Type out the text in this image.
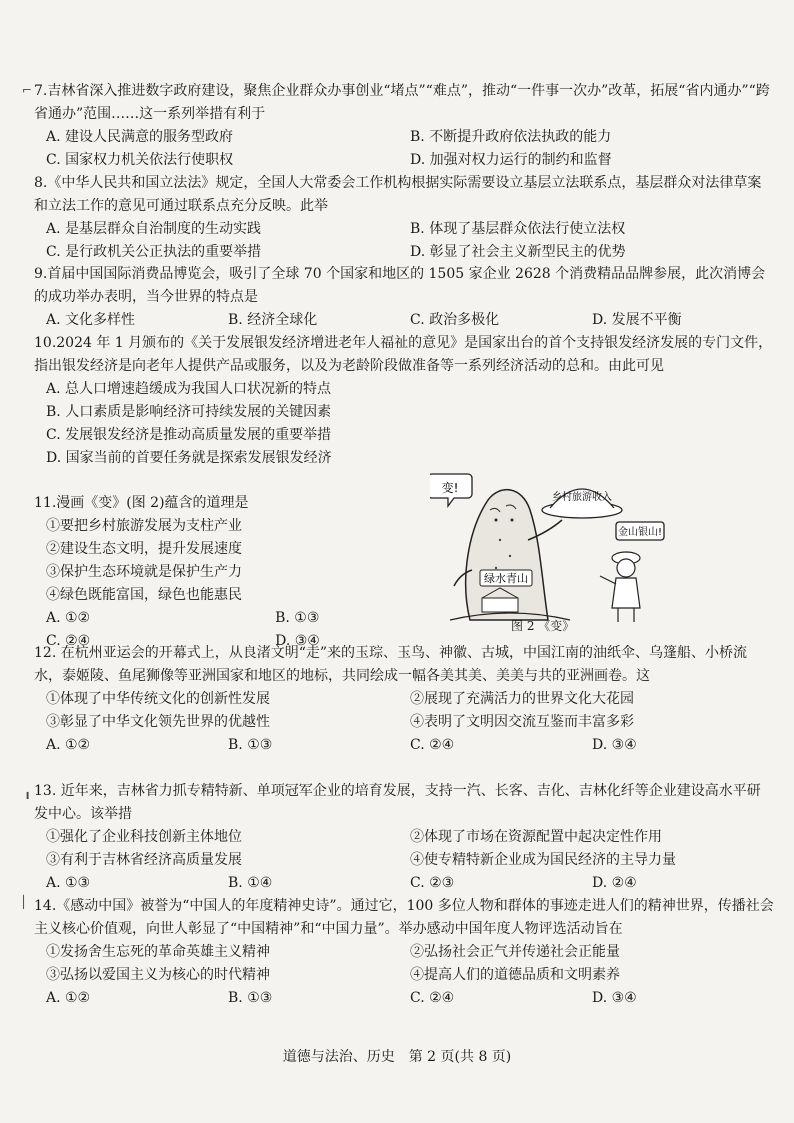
⌐ 7.吉林省深入推进数字政府建设，聚焦企业群众办事创业“堵点”“难点”，推动“一件事一次办”改革，拓展“省内通办”“跨省通办”范围……这一系列举措有利于
A. 建设人民满意的服务型政府	B. 不断提升政府依法执政的能力
C. 国家权力机关依法行使职权	D. 加强对权力运行的制约和监督
8.《中华人民共和国立法法》规定，全国人大常委会工作机构根据实际需要设立基层立法联系点，基层群众对法律草案和立法工作的意见可通过联系点充分反映。此举
A. 是基层群众自治制度的生动实践	B. 体现了基层群众依法行使立法权
C. 是行政机关公正执法的重要举措	D. 彰显了社会主义新型民主的优势
9.首届中国国际消费品博览会，吸引了全球 70 个国家和地区的 1505 家企业 2628 个消费精品品牌参展，此次消博会的成功举办表明，当今世界的特点是
A. 文化多样性	B. 经济全球化	C. 政治多极化	D. 发展不平衡
10.2024 年 1 月颁布的《关于发展银发经济增进老年人福祉的意见》是国家出台的首个支持银发经济发展的专门文件，指出银发经济是向老年人提供产品或服务，以及为老龄阶段做准备等一系列经济活动的总和。由此可见
A. 总人口增速趋缓成为我国人口状况新的特点
B. 人口素质是影响经济可持续发展的关键因素
C. 发展银发经济是推动高质量发展的重要举措
D. 国家当前的首要任务就是探索发展银发经济
11.漫画《变》(图 2)蕴含的道理是
①要把乡村旅游发展为支柱产业
②建设生态文明，提升发展速度
③保护生态环境就是保护生产力
④绿色既能富国，绿色也能惠民
A. ①②	B. ①③
C. ②④	D. ③④
变!
绿水青山
乡村旅游收入
金山银山!
图 2 《变》
12. 在杭州亚运会的开幕式上，从良渚文明“走”来的玉琮、玉鸟、神徽、古城，中国江南的油纸伞、乌篷船、小桥流水，泰姬陵、鱼尾狮像等亚洲国家和地区的地标，共同绘成一幅各美其美、美美与共的亚洲画卷。这
①体现了中华传统文化的创新性发展	②展现了充满活力的世界文化大花园
③彰显了中华文化领先世界的优越性	④表明了文明因交流互鉴而丰富多彩
A. ①②	B. ①③	C. ②④	D. ③④
╻ 13. 近年来，吉林省力抓专精特新、单项冠军企业的培育发展，支持一汽、长客、吉化、吉林化纤等企业建设高水平研发中心。该举措
①强化了企业科技创新主体地位	②体现了市场在资源配置中起决定性作用
③有利于吉林省经济高质量发展	④使专精特新企业成为国民经济的主导力量
A. ①③	B. ①④	C. ②③	D. ②④
│ 14.《感动中国》被誉为“中国人的年度精神史诗”。通过它，100 多位人物和群体的事迹走进人们的精神世界，传播社会主义核心价值观，向世人彰显了“中国精神”和“中国力量”。举办感动中国年度人物评选活动旨在
①发扬舍生忘死的革命英雄主义精神	②弘扬社会正气并传递社会正能量
③弘扬以爱国主义为核心的时代精神	④提高人们的道德品质和文明素养
A. ①②	B. ①③	C. ②④	D. ③④
道德与法治、历史　第 2 页(共 8 页)
